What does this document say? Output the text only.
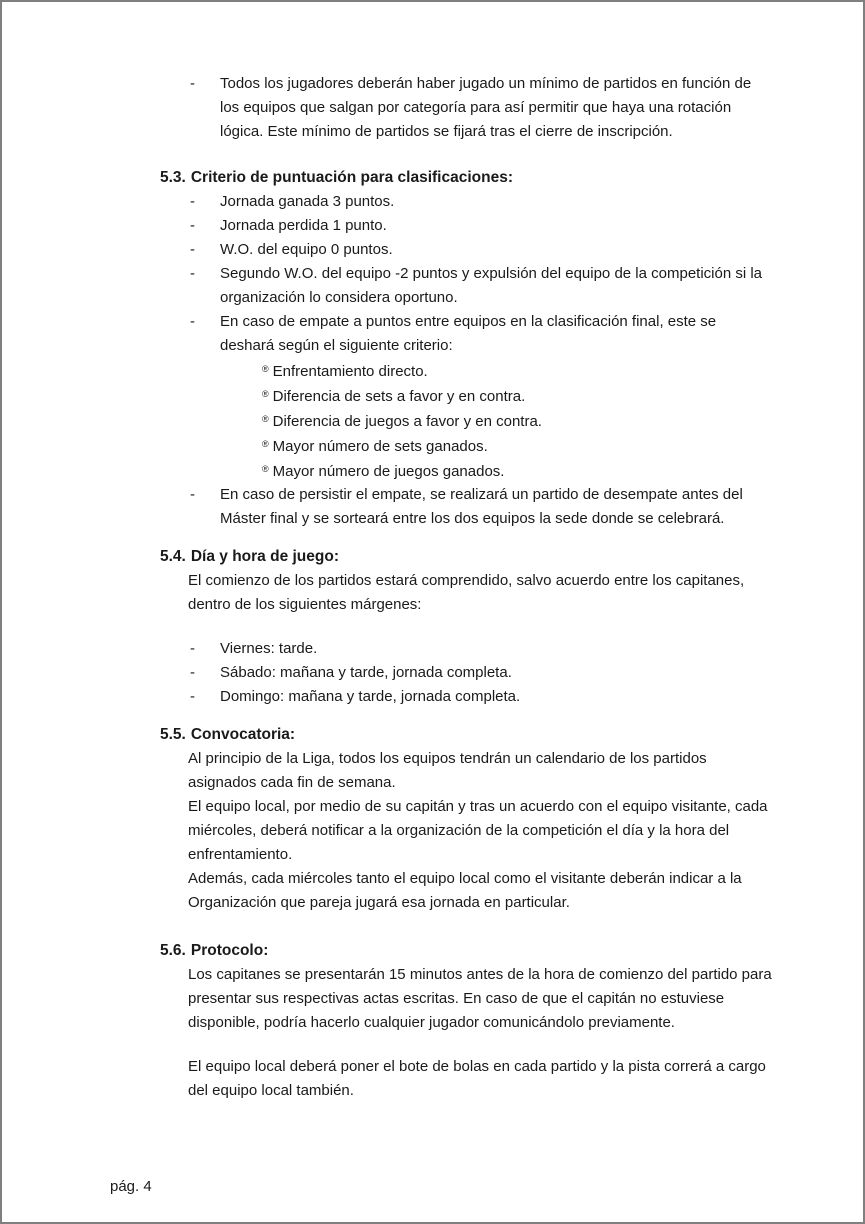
-	Todos los jugadores deberán haber jugado un mínimo de partidos en función de los equipos que salgan por categoría para así permitir que haya una rotación lógica. Este mínimo de partidos se fijará tras el cierre de inscripción.
5.3. Criterio de puntuación para clasificaciones:
-	Jornada ganada 3 puntos.
-	Jornada perdida 1 punto.
-	W.O. del equipo 0 puntos.
-	Segundo W.O. del equipo -2 puntos y expulsión del equipo de la competición si la organización lo considera oportuno.
-	En caso de empate a puntos entre equipos en la clasificación final, este se deshará según el siguiente criterio:
® Enfrentamiento directo.
® Diferencia de sets a favor y en contra.
® Diferencia de juegos a favor y en contra.
® Mayor número de sets ganados.
® Mayor número de juegos ganados.
-	En caso de persistir el empate, se realizará un partido de desempate antes del Máster final y se sorteará entre los dos equipos la sede donde se celebrará.
5.4. Día y hora de juego:
El comienzo de los partidos estará comprendido, salvo acuerdo entre los capitanes, dentro de los siguientes márgenes:
-	Viernes: tarde.
-	Sábado: mañana y tarde, jornada completa.
-	Domingo: mañana y tarde, jornada completa.
5.5. Convocatoria:
Al principio de la Liga, todos los equipos tendrán un calendario de los partidos asignados cada fin de semana.
El equipo local, por medio de su capitán y tras un acuerdo con el equipo visitante, cada miércoles, deberá notificar a la organización de la competición el día y la hora del enfrentamiento.
Además, cada miércoles tanto el equipo local como el visitante deberán indicar a la Organización que pareja jugará esa jornada en particular.
5.6. Protocolo:
Los capitanes se presentarán 15 minutos antes de la hora de comienzo del partido para presentar sus respectivas actas escritas. En caso de que el capitán no estuviese disponible, podría hacerlo cualquier jugador comunicándolo previamente.
El equipo local deberá poner el bote de bolas en cada partido y la pista correrá a cargo del equipo local también.
pág. 4
